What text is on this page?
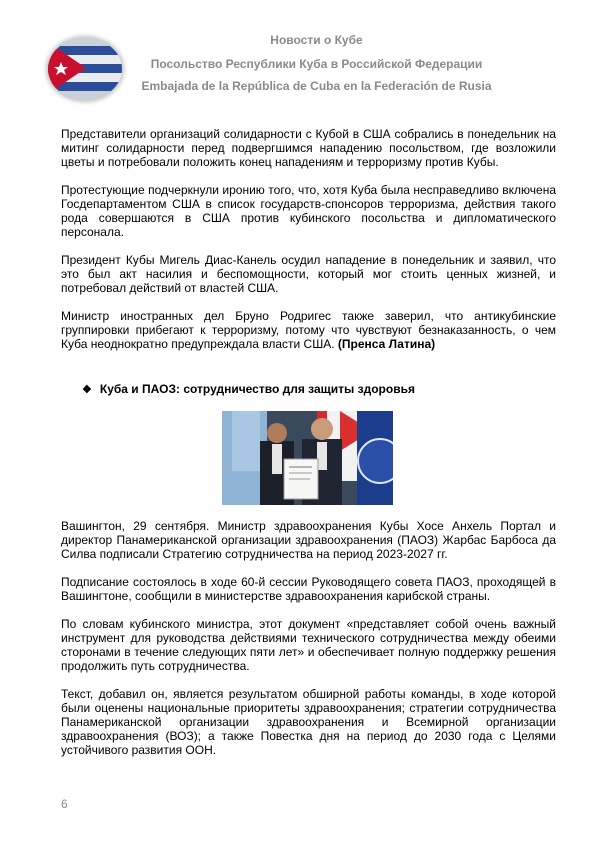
Новости о Кубе
Посольство Республики Куба в Российской Федерации
Embajada de la República de Cuba en la Federación de Rusia

Представители организаций солидарности с Кубой в США собрались в понедельник на митинг солидарности перед подвергшимся нападению посольством, где возложили цветы и потребовали положить конец нападениям и терроризму против Кубы.

Протестующие подчеркнули иронию того, что, хотя Куба была несправедливо включена Госдепартаментом США в список государств-спонсоров терроризма, действия такого рода совершаются в США против кубинского посольства и дипломатического персонала.

Президент Кубы Мигель Диас-Канель осудил нападение в понедельник и заявил, что это был акт насилия и беспомощности, который мог стоить ценных жизней, и потребовал действий от властей США.

Министр иностранных дел Бруно Родригес также заверил, что антикубинские группировки прибегают к терроризму, потому что чувствуют безнаказанность, о чем Куба неоднократно предупреждала власти США. (Пренса Латина)

❖ Куба и ПАОЗ: сотрудничество для защиты здоровья

Вашингтон, 29 сентября. Министр здравоохранения Кубы Хосе Анхель Портал и директор Панамериканской организации здравоохранения (ПАОЗ) Жарбас Барбоса да Силва подписали Стратегию сотрудничества на период 2023-2027 гг.

Подписание состоялось в ходе 60-й сессии Руководящего совета ПАОЗ, проходящей в Вашингтоне, сообщили в министерстве здравоохранения карибской страны.

По словам кубинского министра, этот документ «представляет собой очень важный инструмент для руководства действиями технического сотрудничества между обеими сторонами в течение следующих пяти лет» и обеспечивает полную поддержку решения продолжить путь сотрудничества.

Текст, добавил он, является результатом обширной работы команды, в ходе которой были оценены национальные приоритеты здравоохранения; стратегии сотрудничества Панамериканской организации здравоохранения и Всемирной организации здравоохранения (ВОЗ); а также Повестка дня на период до 2030 года с Целями устойчивого развития ООН.

6
